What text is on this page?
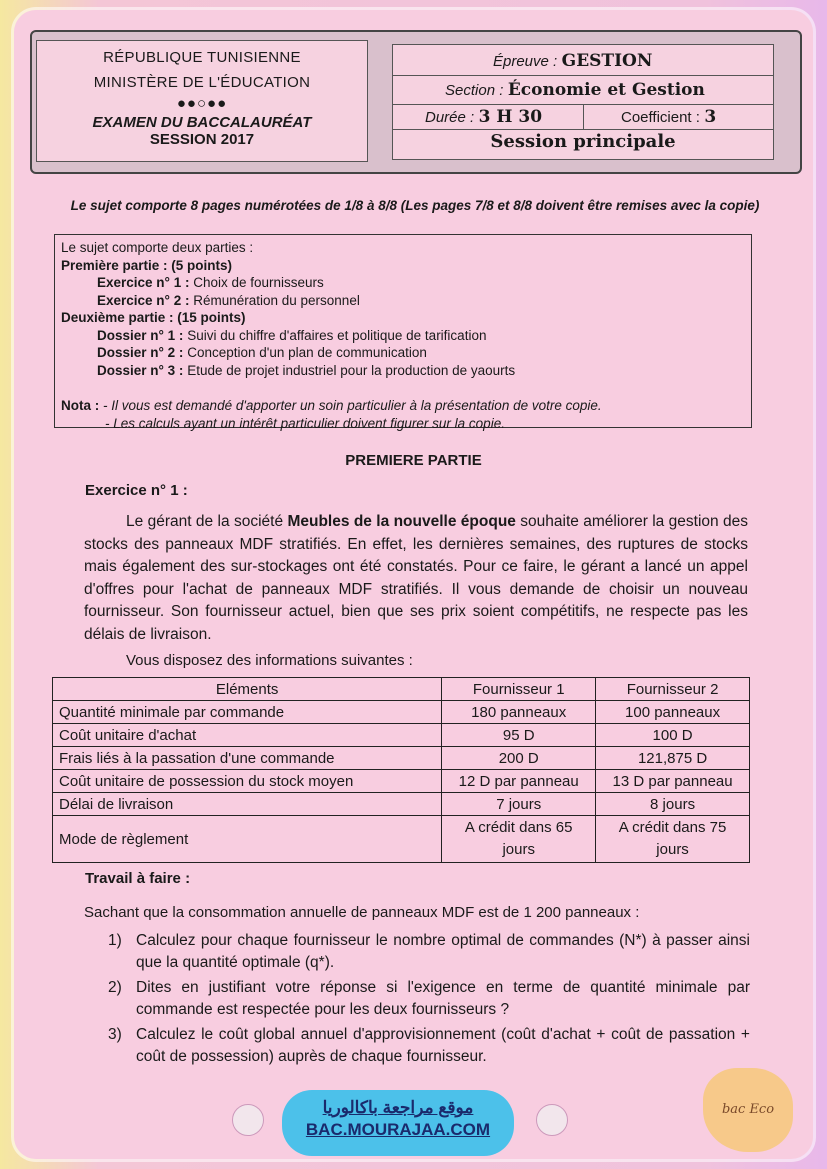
RÉPUBLIQUE TUNISIENNE
MINISTÈRE DE L'ÉDUCATION
●●○●●
EXAMEN DU BACCALAURÉAT
SESSION 2017
Épreuve : GESTION
Section : Économie et Gestion
Durée : 3 H 30	Coefficient : 3
Session principale
Le sujet comporte 8 pages numérotées de 1/8 à 8/8 (Les pages 7/8 et 8/8 doivent être remises avec la copie)
Le sujet comporte deux parties :
Première partie : (5 points)
Exercice n° 1 : Choix de fournisseurs
Exercice n° 2 : Rémunération du personnel
Deuxième partie : (15 points)
Dossier n° 1 : Suivi du chiffre d'affaires et politique de tarification
Dossier n° 2 : Conception d'un plan de communication
Dossier n° 3 : Etude de projet industriel pour la production de yaourts
Nota : - Il vous est demandé d'apporter un soin particulier à la présentation de votre copie.
- Les calculs ayant un intérêt particulier doivent figurer sur la copie.
PREMIERE PARTIE
Exercice n° 1 :
Le gérant de la société Meubles de la nouvelle époque souhaite améliorer la gestion des stocks des panneaux MDF stratifiés. En effet, les dernières semaines, des ruptures de stocks mais également des sur-stockages ont été constatés. Pour ce faire, le gérant a lancé un appel d'offres pour l'achat de panneaux MDF stratifiés. Il vous demande de choisir un nouveau fournisseur. Son fournisseur actuel, bien que ses prix soient compétitifs, ne respecte pas les délais de livraison.
Vous disposez des informations suivantes :
Eléments	Fournisseur 1	Fournisseur 2
Quantité minimale par commande	180 panneaux	100 panneaux
Coût unitaire d'achat	95 D	100 D
Frais liés à la passation d'une commande	200 D	121,875 D
Coût unitaire de possession du stock moyen	12 D par panneau	13 D par panneau
Délai de livraison	7 jours	8 jours
Mode de règlement	A crédit dans 65 jours	A crédit dans 75 jours
Travail à faire :
Sachant que la consommation annuelle de panneaux MDF est de 1 200 panneaux :
1) Calculez pour chaque fournisseur le nombre optimal de commandes (N*) à passer ainsi que la quantité optimale (q*).
2) Dites en justifiant votre réponse si l'exigence en terme de quantité minimale par commande est respectée pour les deux fournisseurs ?
3) Calculez le coût global annuel d'approvisionnement (coût d'achat + coût de passation + coût de possession) auprès de chaque fournisseur.
موقع مراجعة باكالوريا
BAC.MOURAJAA.COM
bac Eco
